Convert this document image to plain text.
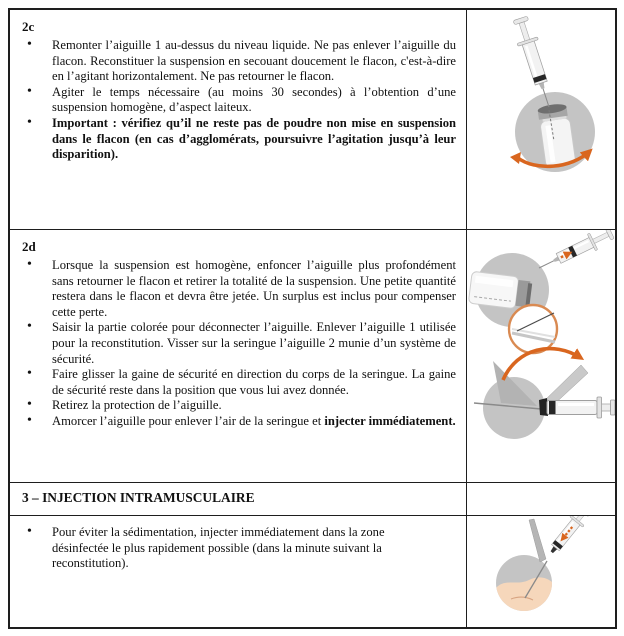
2c
• Remonter l’aiguille 1 au-dessus du niveau liquide. Ne pas enlever l’aiguille du flacon. Reconstituer la suspension en secouant doucement le flacon, c'est-à-dire en l’agitant horizontalement. Ne pas retourner le flacon.
• Agiter le temps nécessaire (au moins 30 secondes) à l’obtention d’une suspension homogène, d’aspect laiteux.
• Important : vérifiez qu’il ne reste pas de poudre non mise en suspension dans le flacon (en cas d’agglomérats, poursuivre l’agitation jusqu’à leur disparition).
2d
• Lorsque la suspension est homogène, enfoncer l’aiguille plus profondément sans retourner le flacon et retirer la totalité de la suspension. Une petite quantité restera dans le flacon et devra être jetée. Un surplus est inclus pour compenser cette perte.
• Saisir la partie colorée pour déconnecter l’aiguille. Enlever l’aiguille 1 utilisée pour la reconstitution. Visser sur la seringue l’aiguille 2 munie d’un système de sécurité.
• Faire glisser la gaine de sécurité en direction du corps de la seringue. La gaine de sécurité reste dans la position que vous lui avez donnée.
• Retirez la protection de l’aiguille.
• Amorcer l’aiguille pour enlever l’air de la seringue et injecter immédiatement.
3 – INJECTION INTRAMUSCULAIRE
• Pour éviter la sédimentation, injecter immédiatement dans la zone désinfectée le plus rapidement possible (dans la minute suivant la reconstitution).
